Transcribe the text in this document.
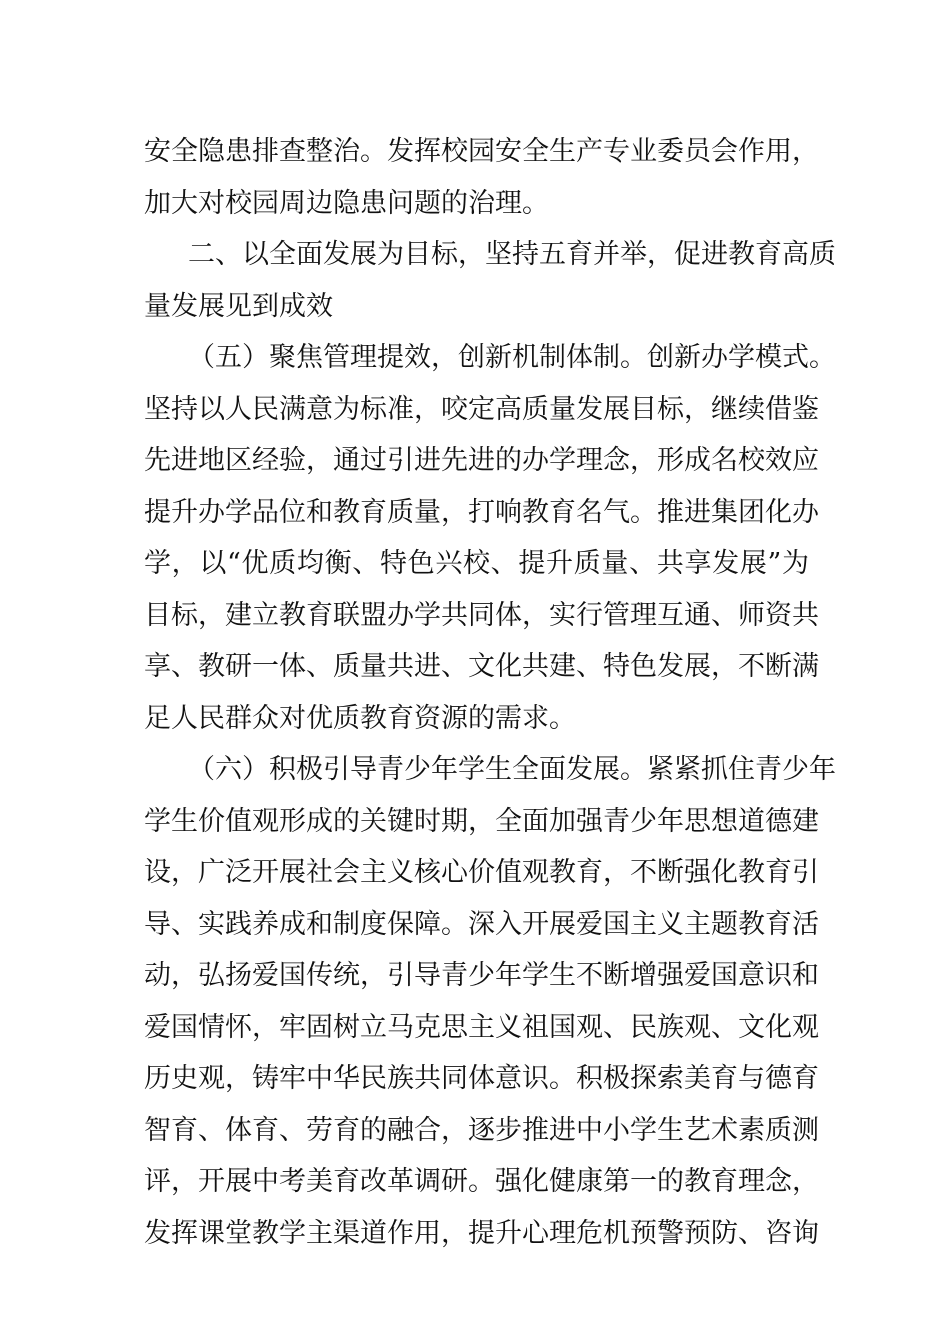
安全隐患排查整治。发挥校园安全生产专业委员会作用，

加大对校园周边隐患问题的治理。

二、以全面发展为目标，坚持五育并举，促进教育高质

量发展见到成效

（五）聚焦管理提效，创新机制体制。创新办学模式。

坚持以人民满意为标准，咬定高质量发展目标，继续借鉴

先进地区经验，通过引进先进的办学理念，形成名校效应

提升办学品位和教育质量，打响教育名气。推进集团化办

学，以“优质均衡、特色兴校、提升质量、共享发展”为

目标，建立教育联盟办学共同体，实行管理互通、师资共

享、教研一体、质量共进、文化共建、特色发展，不断满

足人民群众对优质教育资源的需求。

（六）积极引导青少年学生全面发展。紧紧抓住青少年

学生价值观形成的关键时期，全面加强青少年思想道德建

设，广泛开展社会主义核心价值观教育，不断强化教育引

导、实践养成和制度保障。深入开展爱国主义主题教育活

动，弘扬爱国传统，引导青少年学生不断增强爱国意识和

爱国情怀，牢固树立马克思主义祖国观、民族观、文化观

历史观，铸牢中华民族共同体意识。积极探索美育与德育

智育、体育、劳育的融合，逐步推进中小学生艺术素质测

评，开展中考美育改革调研。强化健康第一的教育理念，

发挥课堂教学主渠道作用，提升心理危机预警预防、咨询
